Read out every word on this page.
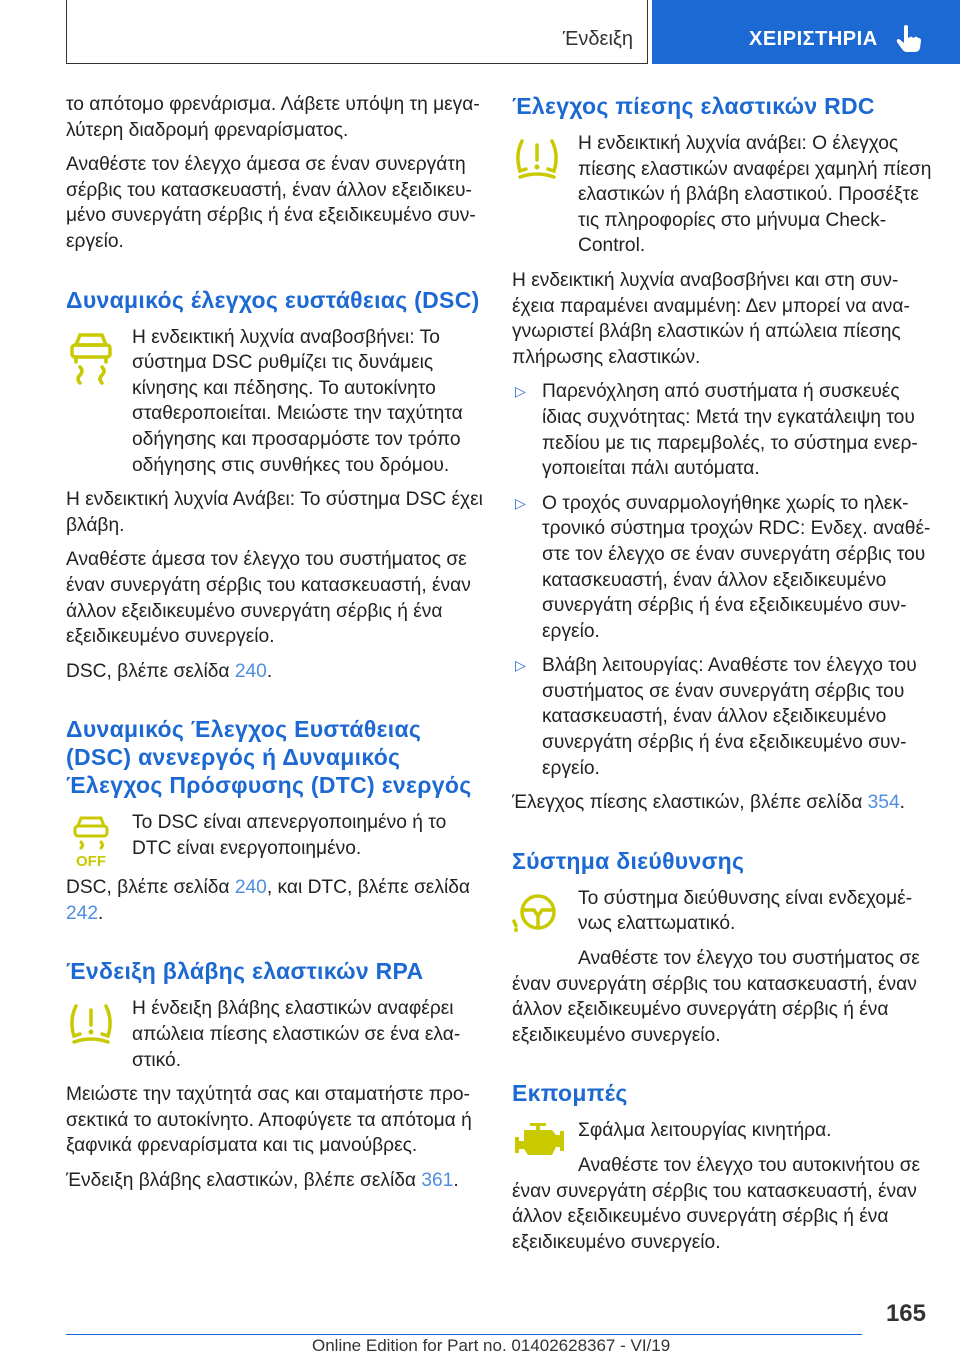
Ένδειξη	ΧΕΙΡΙΣΤΗΡΙΑ

το απότομο φρενάρισμα. Λάβετε υπόψη τη μεγαλύτερη διαδρομή φρεναρίσματος.

Αναθέστε τον έλεγχο άμεσα σε έναν συνεργάτη σέρβις του κατασκευαστή, έναν άλλον εξειδικευμένο συνεργάτη σέρβις ή ένα εξειδικευμένο συνεργείο.

Δυναμικός έλεγχος ευστάθειας (DSC)

Η ενδεικτική λυχνία αναβοσβήνει: Το σύστημα DSC ρυθμίζει τις δυνάμεις κίνησης και πέδησης. Το αυτοκίνητο σταθεροποιείται. Μειώστε την ταχύτητα οδήγησης και προσαρμόστε τον τρόπο οδήγησης στις συνθήκες του δρόμου.

Η ενδεικτική λυχνία Ανάβει: Το σύστημα DSC έχει βλάβη.

Αναθέστε άμεσα τον έλεγχο του συστήματος σε έναν συνεργάτη σέρβις του κατασκευαστή, έναν άλλον εξειδικευμένο συνεργάτη σέρβις ή ένα εξειδικευμένο συνεργείο.

DSC, βλέπε σελίδα 240.

Δυναμικός Έλεγχος Ευστάθειας (DSC) ανενεργός ή Δυναμικός Έλεγχος Πρόσφυσης (DTC) ενεργός
OFF

Το DSC είναι απενεργοποιημένο ή το DTC είναι ενεργοποιημένο.

DSC, βλέπε σελίδα 240, και DTC, βλέπε σελίδα 242.

Ένδειξη βλάβης ελαστικών RPA

Η ένδειξη βλάβης ελαστικών αναφέρει απώλεια πίεσης ελαστικών σε ένα ελαστικό.

Μειώστε την ταχύτητά σας και σταματήστε προσεκτικά το αυτοκίνητο. Αποφύγετε τα απότομα ή ξαφνικά φρεναρίσματα και τις μανούβρες.

Ένδειξη βλάβης ελαστικών, βλέπε σελίδα 361.

Έλεγχος πίεσης ελαστικών RDC

Η ενδεικτική λυχνία ανάβει: Ο έλεγχος πίεσης ελαστικών αναφέρει χαμηλή πίεση ελαστικών ή βλάβη ελαστικού. Προσέξτε τις πληροφορίες στο μήνυμα Check-Control.

Η ενδεικτική λυχνία αναβοσβήνει και στη συνέχεια παραμένει αναμμένη: Δεν μπορεί να αναγνωριστεί βλάβη ελαστικών ή απώλεια πίεσης πλήρωσης ελαστικών.

▷ Παρενόχληση από συστήματα ή συσκευές ίδιας συχνότητας: Μετά την εγκατάλειψη του πεδίου με τις παρεμβολές, το σύστημα ενεργοποιείται πάλι αυτόματα.
▷ Ο τροχός συναρμολογήθηκε χωρίς το ηλεκτρονικό σύστημα τροχών RDC: Ενδεχ. αναθέστε τον έλεγχο σε έναν συνεργάτη σέρβις του κατασκευαστή, έναν άλλον εξειδικευμένο συνεργάτη σέρβις ή ένα εξειδικευμένο συνεργείο.
▷ Βλάβη λειτουργίας: Αναθέστε τον έλεγχο του συστήματος σε έναν συνεργάτη σέρβις του κατασκευαστή, έναν άλλον εξειδικευμένο συνεργάτη σέρβις ή ένα εξειδικευμένο συνεργείο.

Έλεγχος πίεσης ελαστικών, βλέπε σελίδα 354.

Σύστημα διεύθυνσης

Το σύστημα διεύθυνσης είναι ενδεχομένως ελαττωματικό.

Αναθέστε τον έλεγχο του συστήματος σε έναν συνεργάτη σέρβις του κατασκευαστή, έναν άλλον εξειδικευμένο συνεργάτη σέρβις ή ένα εξειδικευμένο συνεργείο.

Εκπομπές

Σφάλμα λειτουργίας κινητήρα.

Αναθέστε τον έλεγχο του αυτοκινήτου σε έναν συνεργάτη σέρβις του κατασκευαστή, έναν άλλον εξειδικευμένο συνεργάτη σέρβις ή ένα εξειδικευμένο συνεργείο.

165
Online Edition for Part no. 01402628367 - VI/19
